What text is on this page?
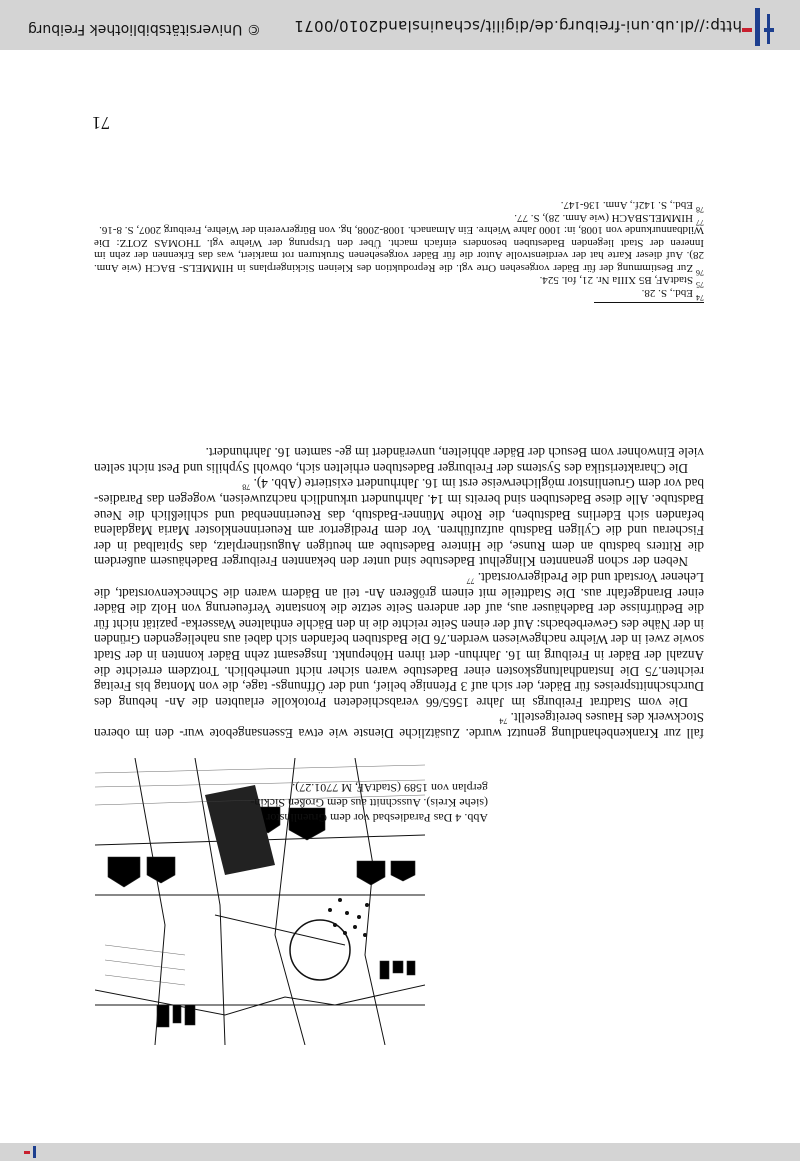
Abb. 4 Das Paradiesbad vor dem Gruenlinstor

(siehe Kreis). Ausschnitt aus dem Großen Sickin-

gerplan von 1589 (StadtAF, M 7701.27).

fall zur Krankenbehandlung genutzt wurde. Zusätzliche Dienste wie etwa Essensangebote wur- den im oberen Stockwerk des Hauses bereitgestellt. $^{74}$

Die vom Stadtrat Freiburgs im Jahre 1565/66 verabschiedeten Protokolle erlaubten die An- hebung des Durchschnittspreises für Bäder, der sich auf 3 Pfennige belief, und der Öffnungs- tage, die von Montag bis Freitag reichten.75 Die Instandhaltungskosten einer Badestube waren sicher nicht unerheblich. Trotzdem erreichte die Anzahl der Bäder in Freiburg im 16. Jahrhun- dert ihren Höhepunkt. Insgesamt zehn Bäder konnten in der Stadt sowie zwei in der Wiehre nachgewiesen werden.76 Die Badstuben befanden sich dabei aus naheliegenden Gründen in der Nähe des Gewerbebachs: Auf der einen Seite reichte die in den Bächle enthaltene Wasserka- pazität nicht für die Bedürfnisse der Badehäuser aus, auf der anderen Seite setzte die konstante Verfeuerung von Holz die Bäder einer Brandgefahr aus. Die Stadtteile mit einem größeren An- teil an Bädern waren die Schneckenvorstadt, die Lehener Vorstadt und die Predigervorstadt. $^{77}$

Neben der schon genannten Klingelhut Badestube sind unter den bekannten Freiburger Badehäusern außerdem die Ritters badstub an dem Runse, die Hintere Badestube am heutigen Augustinerplatz, das Spitalbad in der Fischerau und die Cyligen Badstub aufzuführen. Vor dem Predigertor am Reuerinnenkloster Maria Magdalena befanden sich Ederlins Badstuben, die Rothe Münner-Badstub, das Reuerinnenbad und schließlich die Neue Badstube. Alle diese Badestuben sind bereits im 14. Jahrhundert urkundlich nachzuweisen, wogegen das Paradies- bad vor dem Gruenlinstor möglicherweise erst im 16. Jahrhundert existierte (Abb. 4). $^{78}$

Die Charakteristika des Systems der Freiburger Badestuben erhielten sich, obwohl Syphilis und Pest nicht selten viele Einwohner vom Besuch der Bäder abhielten, unverändert im ge- samten 16. Jahrhundert.

$^{74}$Ebd., S. 28.

$^{75}$StadtAF, B5 XIIIa Nr. 21, fol. 524.

$^{76}$Zur Bestimmung der für Bäder vorgesehen Orte vgl. die Reproduktion des Kleinen Sickingerplans in HIMMELS- BACH (wie Anm. 28). Auf dieser Karte hat der verdienstvolle Autor die für Bäder vorgesehenen Strukturen rot markiert, was das Erkennen der zehn im Inneren der Stadt liegenden Badestuben besonders einfach macht. Über den Ursprung der Wiehre vgl. THOMAS ZOTZ: Die Wildbannurkunde von 1008, in: 1000 Jahre Wiehre. Ein Almanach. 1008-2008, hg. von Bürgerverein der Wiehre, Freiburg 2007, S. 8-16.

$^{77}$HIMMELSBACH (wie Anm. 28), S. 77.

$^{78}$Ebd., S. 142f., Anm. 136-147.

71
http://dl.ub.uni-freiburg.de/digilit/schauinsland2010/0071
© Universitätsbibliothek Freiburg
